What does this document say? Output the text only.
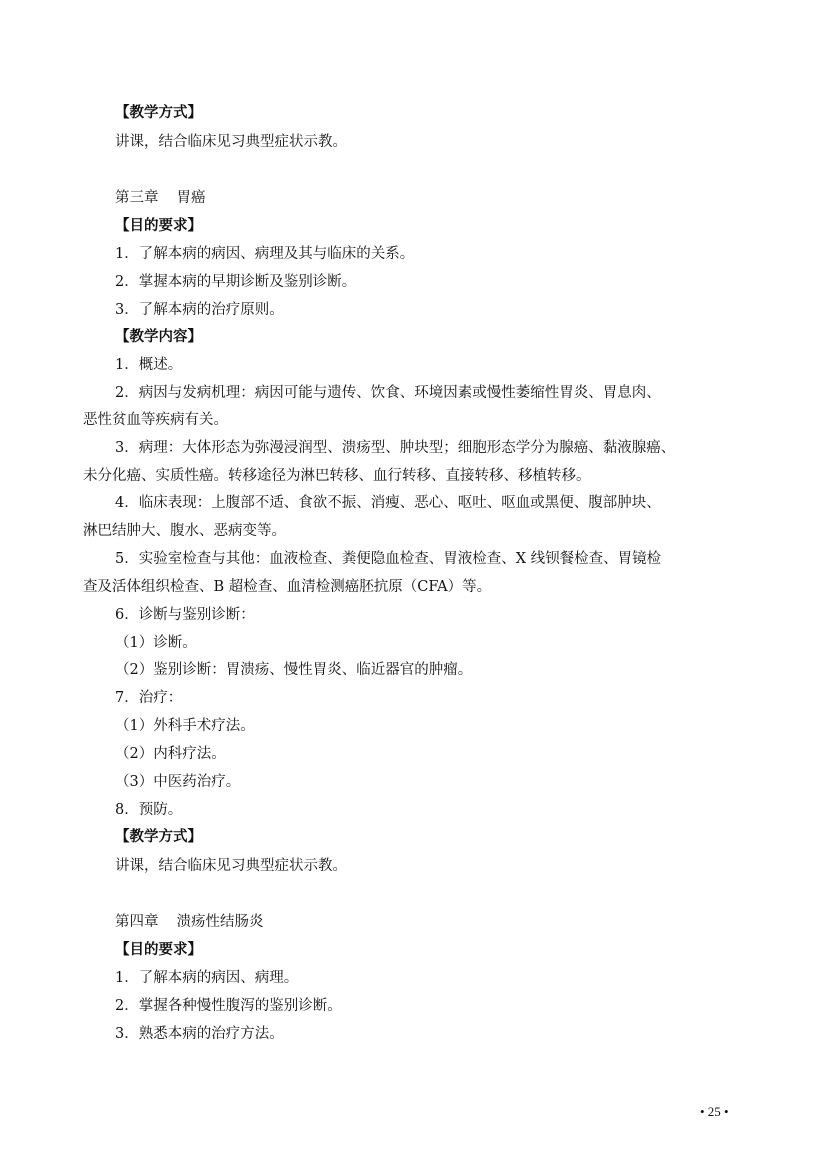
【教学方式】
讲课，结合临床见习典型症状示教。
第三章 胃癌
【目的要求】
1．了解本病的病因、病理及其与临床的关系。
2．掌握本病的早期诊断及鉴别诊断。
3．了解本病的治疗原则。
【教学内容】
1．概述。
2．病因与发病机理：病因可能与遗传、饮食、环境因素或慢性萎缩性胃炎、胃息肉、
恶性贫血等疾病有关。
3．病理：大体形态为弥漫浸润型、溃疡型、肿块型；细胞形态学分为腺癌、黏液腺癌、
未分化癌、实质性癌。转移途径为淋巴转移、血行转移、直接转移、移植转移。
4．临床表现：上腹部不适、食欲不振、消瘦、恶心、呕吐、呕血或黑便、腹部肿块、
淋巴结肿大、腹水、恶病变等。
5．实验室检查与其他：血液检查、粪便隐血检查、胃液检查、X 线钡餐检查、胃镜检
查及活体组织检查、B 超检查、血清检测癌胚抗原（CFA）等。
6．诊断与鉴别诊断：
（1）诊断。
（2）鉴别诊断：胃溃疡、慢性胃炎、临近器官的肿瘤。
7．治疗：
（1）外科手术疗法。
（2）内科疗法。
（3）中医药治疗。
8．预防。
【教学方式】
讲课，结合临床见习典型症状示教。
第四章 溃疡性结肠炎
【目的要求】
1．了解本病的病因、病理。
2．掌握各种慢性腹泻的鉴别诊断。
3．熟悉本病的治疗方法。
• 25 •
